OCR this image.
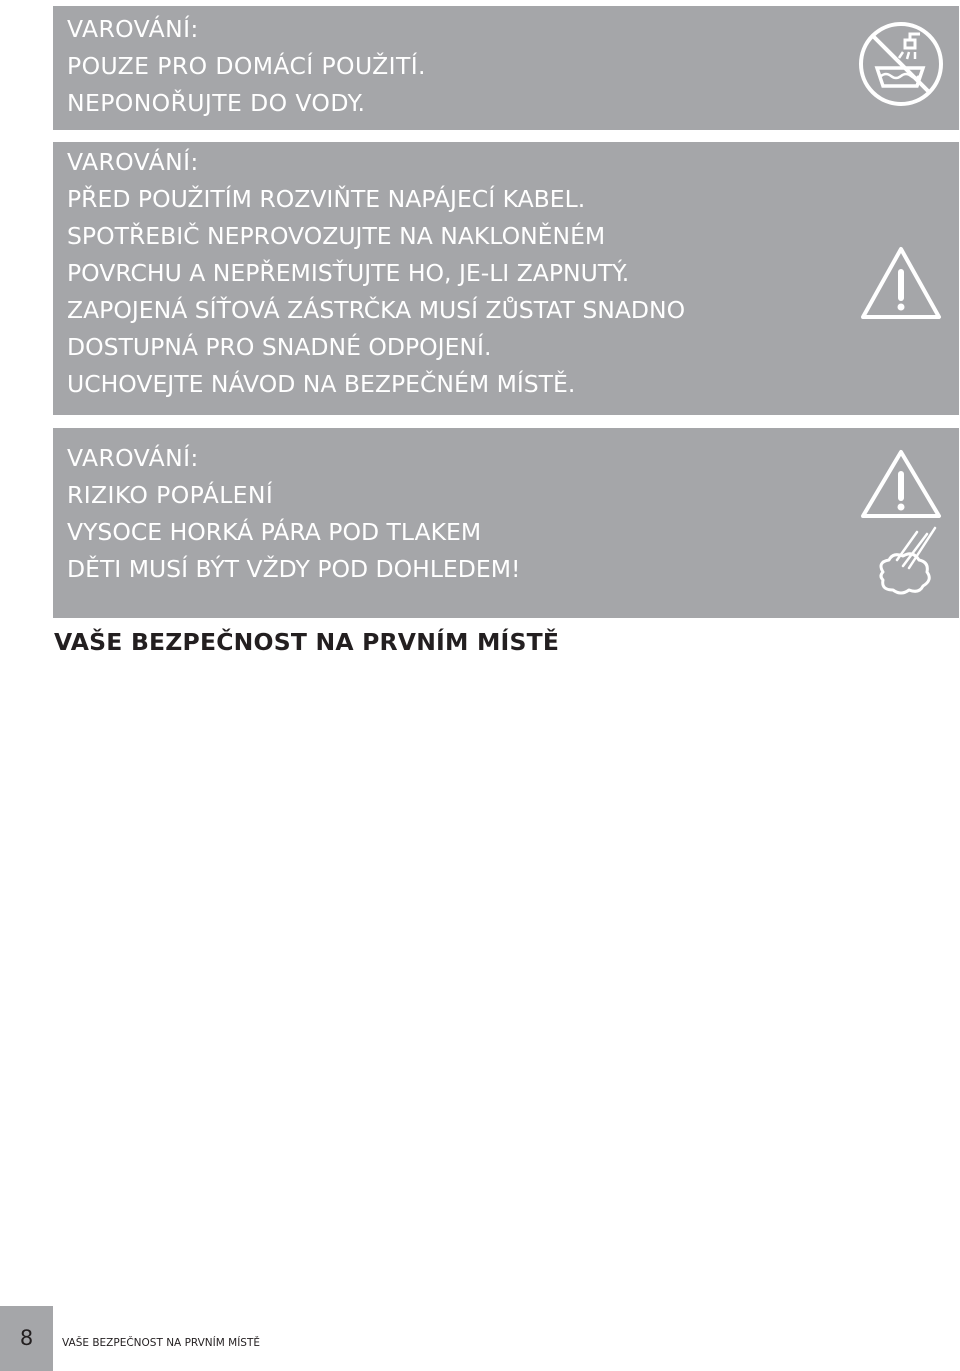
VAROVÁNÍ:
POUZE PRO DOMÁCÍ POUŽITÍ.
NEPONOŘUJTE DO VODY.
VAROVÁNÍ:
PŘED POUŽITÍM ROZVIŇTE NAPÁJECÍ KABEL.
SPOTŘEBIČ NEPROVOZUJTE NA NAKLONĚNÉM
POVRCHU A NEPŘEMISŤUJTE HO, JE-LI ZAPNUTÝ.
ZAPOJENÁ SÍŤOVÁ ZÁSTRČKA MUSÍ ZŮSTAT SNADNO
DOSTUPNÁ PRO SNADNÉ ODPOJENÍ.
UCHOVEJTE NÁVOD NA BEZPEČNÉM MÍSTĚ.
VAROVÁNÍ:
RIZIKO POPÁLENÍ
VYSOCE HORKÁ PÁRA POD TLAKEM
DĚTI MUSÍ BÝT VŽDY POD DOHLEDEM!
VAŠE BEZPEČNOST NA PRVNÍM MÍSTĚ
8	VAŠE BEZPEČNOST NA PRVNÍM MÍSTĚ
